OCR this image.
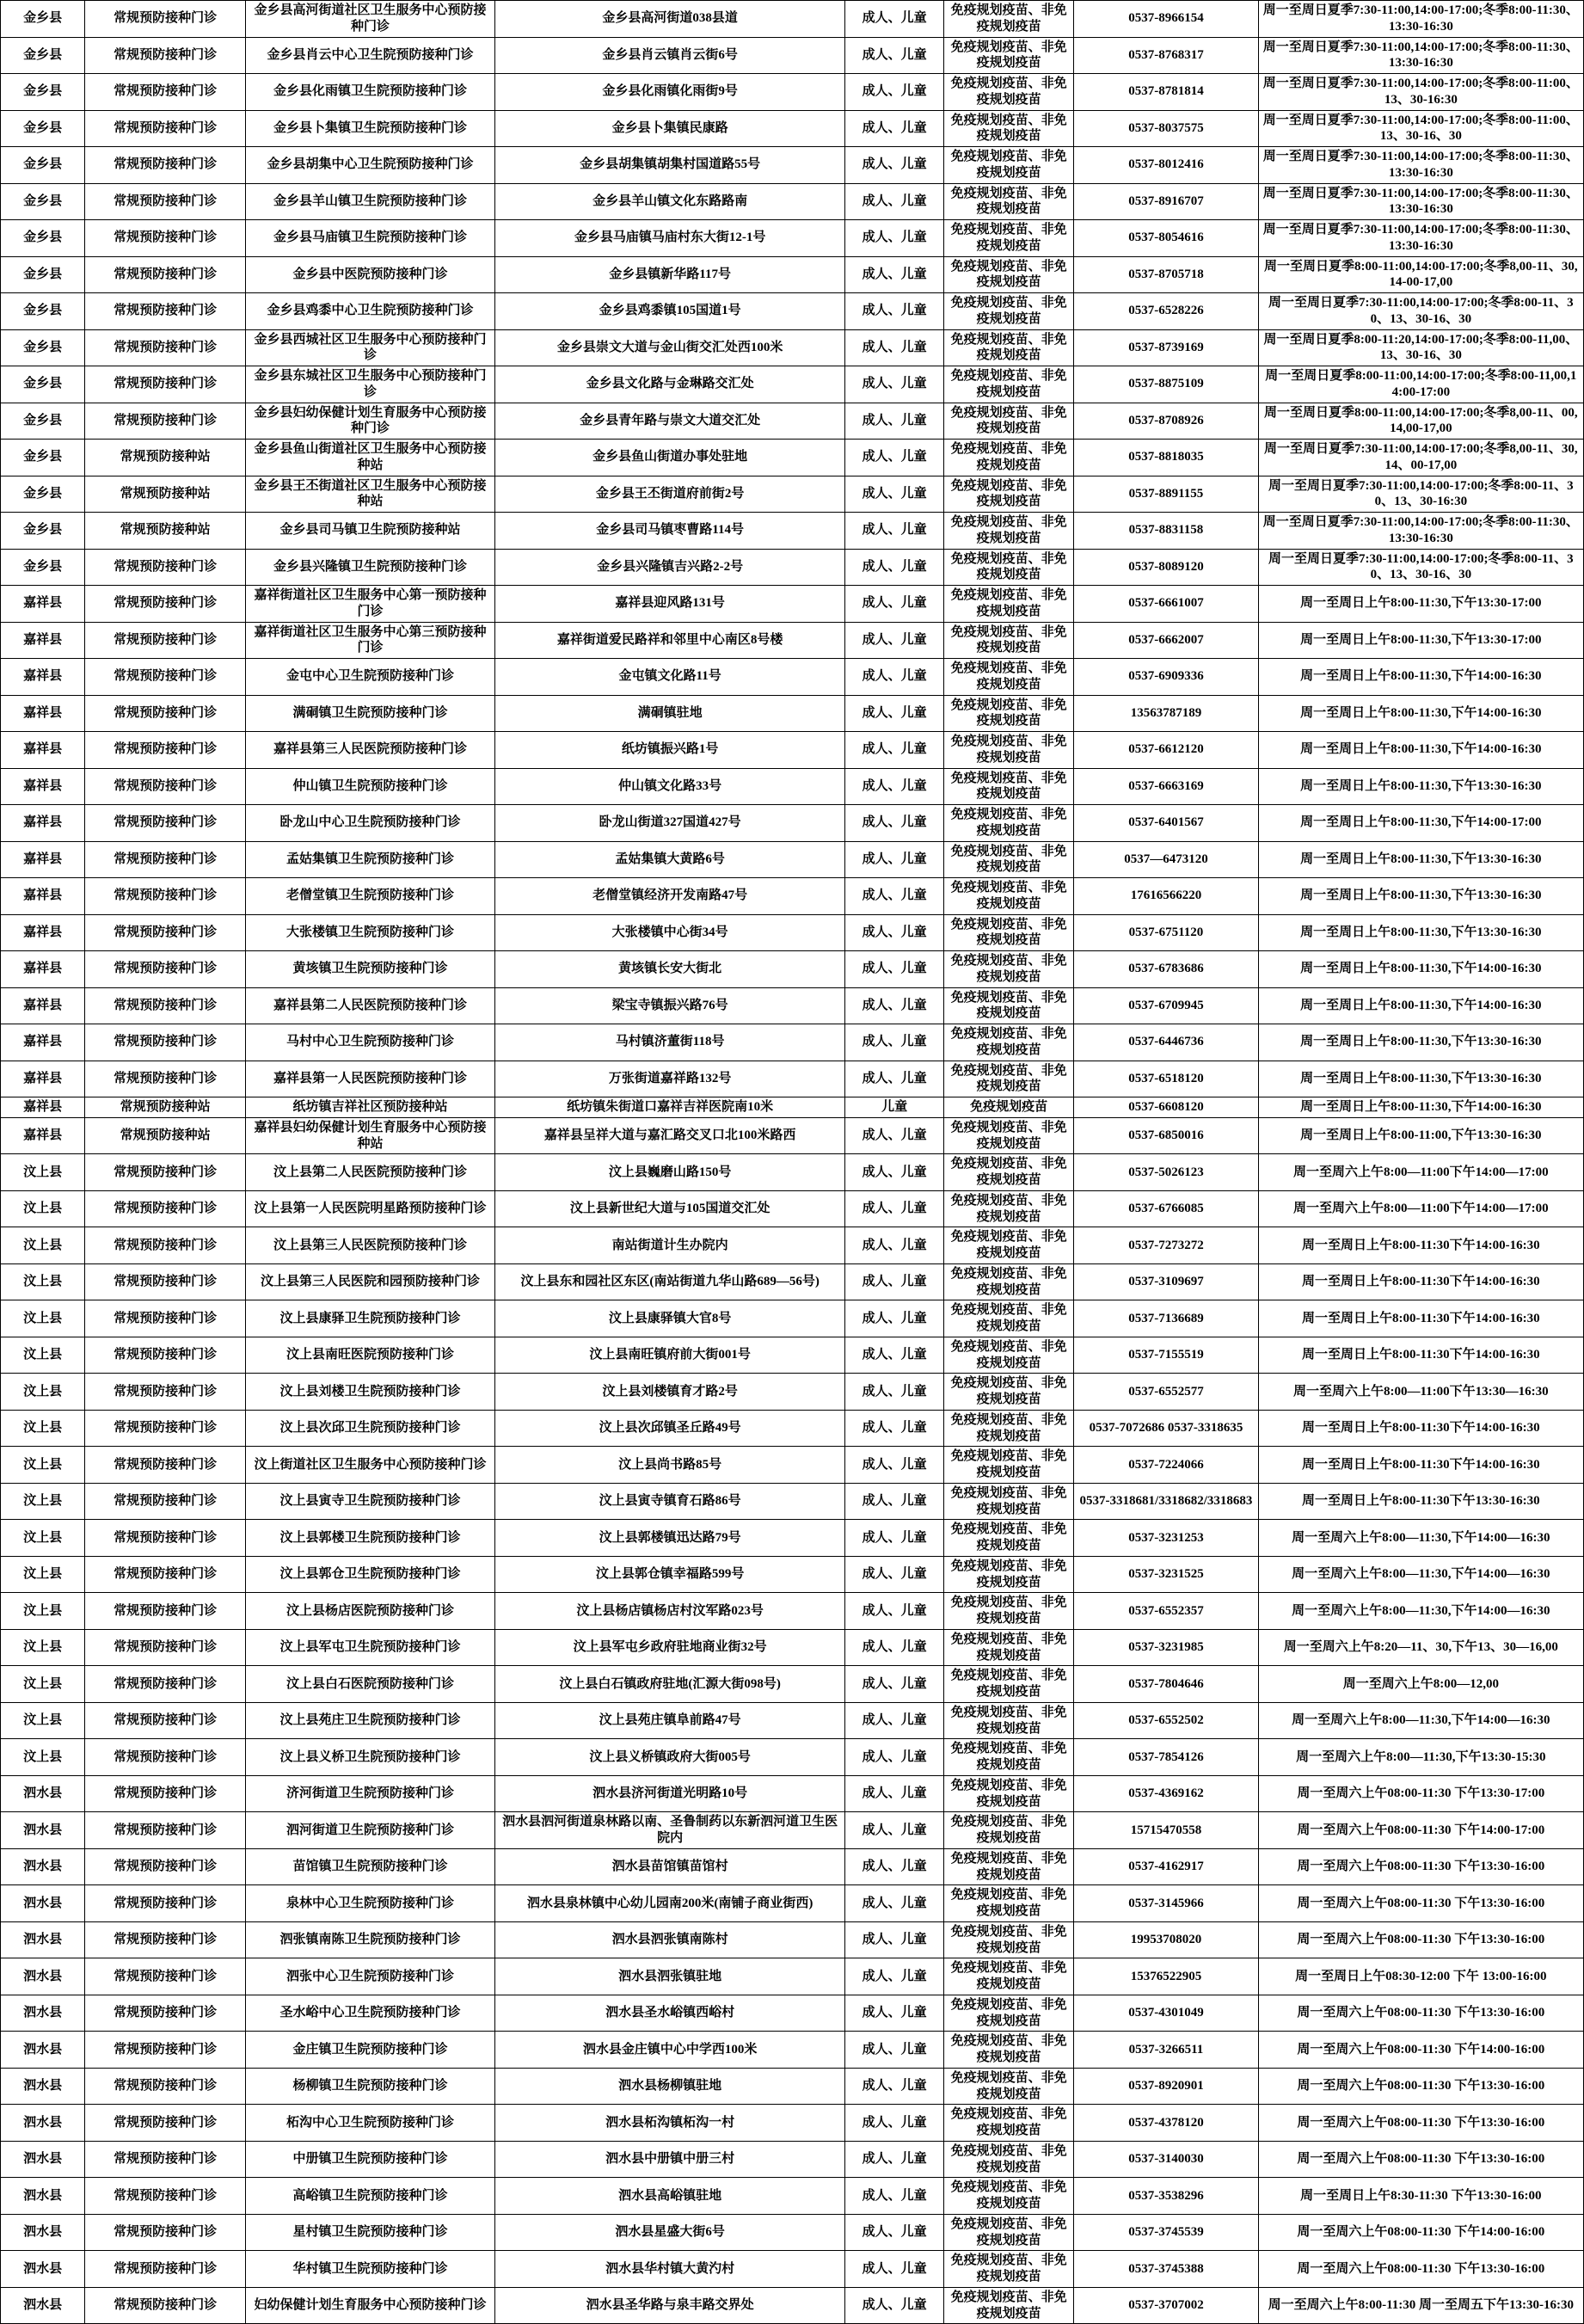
金乡县	常规预防接种门诊	金乡县高河街道社区卫生服务中心预防接种门诊	金乡县高河街道038县道	成人、儿童	免疫规划疫苗、非免疫规划疫苗	0537-8966154	周一至周日夏季7:30-11:00,14:00-17:00;冬季8:00-11:30、13:30-16:30
金乡县	常规预防接种门诊	金乡县肖云中心卫生院预防接种门诊	金乡县肖云镇肖云街6号	成人、儿童	免疫规划疫苗、非免疫规划疫苗	0537-8768317	周一至周日夏季7:30-11:00,14:00-17:00;冬季8:00-11:30、13:30-16:30
金乡县	常规预防接种门诊	金乡县化雨镇卫生院预防接种门诊	金乡县化雨镇化雨街9号	成人、儿童	免疫规划疫苗、非免疫规划疫苗	0537-8781814	周一至周日夏季7:30-11:00,14:00-17:00;冬季8:00-11:00、13、30-16:30
金乡县	常规预防接种门诊	金乡县卜集镇卫生院预防接种门诊	金乡县卜集镇民康路	成人、儿童	免疫规划疫苗、非免疫规划疫苗	0537-8037575	周一至周日夏季7:30-11:00,14:00-17:00;冬季8:00-11:00、13、30-16、30
金乡县	常规预防接种门诊	金乡县胡集中心卫生院预防接种门诊	金乡县胡集镇胡集村国道路55号	成人、儿童	免疫规划疫苗、非免疫规划疫苗	0537-8012416	周一至周日夏季7:30-11:00,14:00-17:00;冬季8:00-11:30、13:30-16:30
金乡县	常规预防接种门诊	金乡县羊山镇卫生院预防接种门诊	金乡县羊山镇文化东路路南	成人、儿童	免疫规划疫苗、非免疫规划疫苗	0537-8916707	周一至周日夏季7:30-11:00,14:00-17:00;冬季8:00-11:30、13:30-16:30
金乡县	常规预防接种门诊	金乡县马庙镇卫生院预防接种门诊	金乡县马庙镇马庙村东大街12-1号	成人、儿童	免疫规划疫苗、非免疫规划疫苗	0537-8054616	周一至周日夏季7:30-11:00,14:00-17:00;冬季8:00-11:30、13:30-16:30
金乡县	常规预防接种门诊	金乡县中医院预防接种门诊	金乡县镇新华路117号	成人、儿童	免疫规划疫苗、非免疫规划疫苗	0537-8705718	周一至周日夏季8:00-11:00,14:00-17:00;冬季8,00-11、30,14-00-17,00
金乡县	常规预防接种门诊	金乡县鸡黍中心卫生院预防接种门诊	金乡县鸡黍镇105国道1号	成人、儿童	免疫规划疫苗、非免疫规划疫苗	0537-6528226	周一至周日夏季7:30-11:00,14:00-17:00;冬季8:00-11、30、13、30-16、30
金乡县	常规预防接种门诊	金乡县西城社区卫生服务中心预防接种门诊	金乡县崇文大道与金山街交汇处西100米	成人、儿童	免疫规划疫苗、非免疫规划疫苗	0537-8739169	周一至周日夏季8:00-11:20,14:00-17:00;冬季8:00-11,00、13、30-16、30
金乡县	常规预防接种门诊	金乡县东城社区卫生服务中心预防接种门诊	金乡县文化路与金琳路交汇处	成人、儿童	免疫规划疫苗、非免疫规划疫苗	0537-8875109	周一至周日夏季8:00-11:00,14:00-17:00;冬季8:00-11,00,14:00-17:00
金乡县	常规预防接种门诊	金乡县妇幼保健计划生育服务中心预防接种门诊	金乡县青年路与崇文大道交汇处	成人、儿童	免疫规划疫苗、非免疫规划疫苗	0537-8708926	周一至周日夏季8:00-11:00,14:00-17:00;冬季8,00-11、00,14,00-17,00
金乡县	常规预防接种站	金乡县鱼山街道社区卫生服务中心预防接种站	金乡县鱼山街道办事处驻地	成人、儿童	免疫规划疫苗、非免疫规划疫苗	0537-8818035	周一至周日夏季7:30-11:00,14:00-17:00;冬季8,00-11、30,14、00-17,00
金乡县	常规预防接种站	金乡县王丕街道社区卫生服务中心预防接种站	金乡县王丕街道府前街2号	成人、儿童	免疫规划疫苗、非免疫规划疫苗	0537-8891155	周一至周日夏季7:30-11:00,14:00-17:00;冬季8:00-11、30、13、30-16:30
金乡县	常规预防接种站	金乡县司马镇卫生院预防接种站	金乡县司马镇枣曹路114号	成人、儿童	免疫规划疫苗、非免疫规划疫苗	0537-8831158	周一至周日夏季7:30-11:00,14:00-17:00;冬季8:00-11:30、13:30-16:30
金乡县	常规预防接种门诊	金乡县兴隆镇卫生院预防接种门诊	金乡县兴隆镇吉兴路2-2号	成人、儿童	免疫规划疫苗、非免疫规划疫苗	0537-8089120	周一至周日夏季7:30-11:00,14:00-17:00;冬季8:00-11、30、13、30-16、30
嘉祥县	常规预防接种门诊	嘉祥街道社区卫生服务中心第一预防接种门诊	嘉祥县迎风路131号	成人、儿童	免疫规划疫苗、非免疫规划疫苗	0537-6661007	周一至周日上午8:00-11:30,下午13:30-17:00
嘉祥县	常规预防接种门诊	嘉祥街道社区卫生服务中心第三预防接种门诊	嘉祥街道爱民路祥和邻里中心南区8号楼	成人、儿童	免疫规划疫苗、非免疫规划疫苗	0537-6662007	周一至周日上午8:00-11:30,下午13:30-17:00
嘉祥县	常规预防接种门诊	金屯中心卫生院预防接种门诊	金屯镇文化路11号	成人、儿童	免疫规划疫苗、非免疫规划疫苗	0537-6909336	周一至周日上午8:00-11:30,下午14:00-16:30
嘉祥县	常规预防接种门诊	满硐镇卫生院预防接种门诊	满硐镇驻地	成人、儿童	免疫规划疫苗、非免疫规划疫苗	13563787189	周一至周日上午8:00-11:30,下午14:00-16:30
嘉祥县	常规预防接种门诊	嘉祥县第三人民医院预防接种门诊	纸坊镇振兴路1号	成人、儿童	免疫规划疫苗、非免疫规划疫苗	0537-6612120	周一至周日上午8:00-11:30,下午14:00-16:30
嘉祥县	常规预防接种门诊	仲山镇卫生院预防接种门诊	仲山镇文化路33号	成人、儿童	免疫规划疫苗、非免疫规划疫苗	0537-6663169	周一至周日上午8:00-11:30,下午13:30-16:30
嘉祥县	常规预防接种门诊	卧龙山中心卫生院预防接种门诊	卧龙山街道327国道427号	成人、儿童	免疫规划疫苗、非免疫规划疫苗	0537-6401567	周一至周日上午8:00-11:30,下午14:00-17:00
嘉祥县	常规预防接种门诊	孟姑集镇卫生院预防接种门诊	孟姑集镇大黄路6号	成人、儿童	免疫规划疫苗、非免疫规划疫苗	0537—6473120	周一至周日上午8:00-11:30,下午13:30-16:30
嘉祥县	常规预防接种门诊	老僧堂镇卫生院预防接种门诊	老僧堂镇经济开发南路47号	成人、儿童	免疫规划疫苗、非免疫规划疫苗	17616566220	周一至周日上午8:00-11:30,下午13:30-16:30
嘉祥县	常规预防接种门诊	大张楼镇卫生院预防接种门诊	大张楼镇中心街34号	成人、儿童	免疫规划疫苗、非免疫规划疫苗	0537-6751120	周一至周日上午8:00-11:30,下午13:30-16:30
嘉祥县	常规预防接种门诊	黄垓镇卫生院预防接种门诊	黄垓镇长安大街北	成人、儿童	免疫规划疫苗、非免疫规划疫苗	0537-6783686	周一至周日上午8:00-11:30,下午14:00-16:30
嘉祥县	常规预防接种门诊	嘉祥县第二人民医院预防接种门诊	梁宝寺镇振兴路76号	成人、儿童	免疫规划疫苗、非免疫规划疫苗	0537-6709945	周一至周日上午8:00-11:30,下午14:00-16:30
嘉祥县	常规预防接种门诊	马村中心卫生院预防接种门诊	马村镇济董街118号	成人、儿童	免疫规划疫苗、非免疫规划疫苗	0537-6446736	周一至周日上午8:00-11:30,下午13:30-16:30
嘉祥县	常规预防接种门诊	嘉祥县第一人民医院预防接种门诊	万张街道嘉祥路132号	成人、儿童	免疫规划疫苗、非免疫规划疫苗	0537-6518120	周一至周日上午8:00-11:30,下午13:30-16:30
嘉祥县	常规预防接种站	纸坊镇吉祥社区预防接种站	纸坊镇朱街道口嘉祥吉祥医院南10米	儿童	免疫规划疫苗	0537-6608120	周一至周日上午8:00-11:30,下午14:00-16:30
嘉祥县	常规预防接种站	嘉祥县妇幼保健计划生育服务中心预防接种站	嘉祥县呈祥大道与嘉汇路交叉口北100米路西	成人、儿童	免疫规划疫苗、非免疫规划疫苗	0537-6850016	周一至周日上午8:00-11:00,下午13:30-16:30
汶上县	常规预防接种门诊	汶上县第二人民医院预防接种门诊	汶上县巍磨山路150号	成人、儿童	免疫规划疫苗、非免疫规划疫苗	0537-5026123	周一至周六上午8:00—11:00下午14:00—17:00
汶上县	常规预防接种门诊	汶上县第一人民医院明星路预防接种门诊	汶上县新世纪大道与105国道交汇处	成人、儿童	免疫规划疫苗、非免疫规划疫苗	0537-6766085	周一至周六上午8:00—11:00下午14:00—17:00
汶上县	常规预防接种门诊	汶上县第三人民医院预防接种门诊	南站街道计生办院内	成人、儿童	免疫规划疫苗、非免疫规划疫苗	0537-7273272	周一至周日上午8:00-11:30下午14:00-16:30
汶上县	常规预防接种门诊	汶上县第三人民医院和园预防接种门诊	汶上县东和园社区东区(南站街道九华山路689—56号)	成人、儿童	免疫规划疫苗、非免疫规划疫苗	0537-3109697	周一至周日上午8:00-11:30下午14:00-16:30
汶上县	常规预防接种门诊	汶上县康驿卫生院预防接种门诊	汶上县康驿镇大官8号	成人、儿童	免疫规划疫苗、非免疫规划疫苗	0537-7136689	周一至周日上午8:00-11:30下午14:00-16:30
汶上县	常规预防接种门诊	汶上县南旺医院预防接种门诊	汶上县南旺镇府前大街001号	成人、儿童	免疫规划疫苗、非免疫规划疫苗	0537-7155519	周一至周日上午8:00-11:30下午14:00-16:30
汶上县	常规预防接种门诊	汶上县刘楼卫生院预防接种门诊	汶上县刘楼镇育才路2号	成人、儿童	免疫规划疫苗、非免疫规划疫苗	0537-6552577	周一至周六上午8:00—11:00下午13:30—16:30
汶上县	常规预防接种门诊	汶上县次邱卫生院预防接种门诊	汶上县次邱镇圣丘路49号	成人、儿童	免疫规划疫苗、非免疫规划疫苗	0537-7072686 0537-3318635	周一至周日上午8:00-11:30下午14:00-16:30
汶上县	常规预防接种门诊	汶上街道社区卫生服务中心预防接种门诊	汶上县尚书路85号	成人、儿童	免疫规划疫苗、非免疫规划疫苗	0537-7224066	周一至周日上午8:00-11:30下午14:00-16:30
汶上县	常规预防接种门诊	汶上县寅寺卫生院预防接种门诊	汶上县寅寺镇育石路86号	成人、儿童	免疫规划疫苗、非免疫规划疫苗	0537-3318681/3318682/3318683	周一至周日上午8:00-11:30下午13:30-16:30
汶上县	常规预防接种门诊	汶上县郭楼卫生院预防接种门诊	汶上县郭楼镇迅达路79号	成人、儿童	免疫规划疫苗、非免疫规划疫苗	0537-3231253	周一至周六上午8:00—11:30,下午14:00—16:30
汶上县	常规预防接种门诊	汶上县郭仓卫生院预防接种门诊	汶上县郭仓镇幸福路599号	成人、儿童	免疫规划疫苗、非免疫规划疫苗	0537-3231525	周一至周六上午8:00—11:30,下午14:00—16:30
汶上县	常规预防接种门诊	汶上县杨店医院预防接种门诊	汶上县杨店镇杨店村汶军路023号	成人、儿童	免疫规划疫苗、非免疫规划疫苗	0537-6552357	周一至周六上午8:00—11:30,下午14:00—16:30
汶上县	常规预防接种门诊	汶上县军屯卫生院预防接种门诊	汶上县军屯乡政府驻地商业街32号	成人、儿童	免疫规划疫苗、非免疫规划疫苗	0537-3231985	周一至周六上午8:20—11、30,下午13、30—16,00
汶上县	常规预防接种门诊	汶上县白石医院预防接种门诊	汶上县白石镇政府驻地(汇源大街098号)	成人、儿童	免疫规划疫苗、非免疫规划疫苗	0537-7804646	周一至周六上午8:00—12,00
汶上县	常规预防接种门诊	汶上县苑庄卫生院预防接种门诊	汶上县苑庄镇阜前路47号	成人、儿童	免疫规划疫苗、非免疫规划疫苗	0537-6552502	周一至周六上午8:00—11:30,下午14:00—16:30
汶上县	常规预防接种门诊	汶上县义桥卫生院预防接种门诊	汶上县义桥镇政府大街005号	成人、儿童	免疫规划疫苗、非免疫规划疫苗	0537-7854126	周一至周六上午8:00—11:30,下午13:30-15:30
泗水县	常规预防接种门诊	济河街道卫生院预防接种门诊	泗水县济河街道光明路10号	成人、儿童	免疫规划疫苗、非免疫规划疫苗	0537-4369162	周一至周六上午08:00-11:30 下午13:30-17:00
泗水县	常规预防接种门诊	泗河街道卫生院预防接种门诊	泗水县泗河街道泉林路以南、圣鲁制药以东新泗河道卫生医院内	成人、儿童	免疫规划疫苗、非免疫规划疫苗	15715470558	周一至周六上午08:00-11:30 下午14:00-17:00
泗水县	常规预防接种门诊	苗馆镇卫生院预防接种门诊	泗水县苗馆镇苗馆村	成人、儿童	免疫规划疫苗、非免疫规划疫苗	0537-4162917	周一至周六上午08:00-11:30 下午13:30-16:00
泗水县	常规预防接种门诊	泉林中心卫生院预防接种门诊	泗水县泉林镇中心幼儿园南200米(南铺子商业街西)	成人、儿童	免疫规划疫苗、非免疫规划疫苗	0537-3145966	周一至周六上午08:00-11:30 下午13:30-16:00
泗水县	常规预防接种门诊	泗张镇南陈卫生院预防接种门诊	泗水县泗张镇南陈村	成人、儿童	免疫规划疫苗、非免疫规划疫苗	19953708020	周一至周六上午08:00-11:30 下午13:30-16:00
泗水县	常规预防接种门诊	泗张中心卫生院预防接种门诊	泗水县泗张镇驻地	成人、儿童	免疫规划疫苗、非免疫规划疫苗	15376522905	周一至周日上午08:30-12:00 下午 13:00-16:00
泗水县	常规预防接种门诊	圣水峪中心卫生院预防接种门诊	泗水县圣水峪镇西峪村	成人、儿童	免疫规划疫苗、非免疫规划疫苗	0537-4301049	周一至周六上午08:00-11:30 下午13:30-16:00
泗水县	常规预防接种门诊	金庄镇卫生院预防接种门诊	泗水县金庄镇中心中学西100米	成人、儿童	免疫规划疫苗、非免疫规划疫苗	0537-3266511	周一至周六上午08:00-11:30 下午14:00-16:00
泗水县	常规预防接种门诊	杨柳镇卫生院预防接种门诊	泗水县杨柳镇驻地	成人、儿童	免疫规划疫苗、非免疫规划疫苗	0537-8920901	周一至周六上午08:00-11:30 下午13:30-16:00
泗水县	常规预防接种门诊	柘沟中心卫生院预防接种门诊	泗水县柘沟镇柘沟一村	成人、儿童	免疫规划疫苗、非免疫规划疫苗	0537-4378120	周一至周六上午08:00-11:30 下午13:30-16:00
泗水县	常规预防接种门诊	中册镇卫生院预防接种门诊	泗水县中册镇中册三村	成人、儿童	免疫规划疫苗、非免疫规划疫苗	0537-3140030	周一至周六上午08:00-11:30 下午13:30-16:00
泗水县	常规预防接种门诊	高峪镇卫生院预防接种门诊	泗水县高峪镇驻地	成人、儿童	免疫规划疫苗、非免疫规划疫苗	0537-3538296	周一至周日上午8:30-11:30 下午13:30-16:00
泗水县	常规预防接种门诊	星村镇卫生院预防接种门诊	泗水县星盛大街6号	成人、儿童	免疫规划疫苗、非免疫规划疫苗	0537-3745539	周一至周六上午08:00-11:30 下午14:00-16:00
泗水县	常规预防接种门诊	华村镇卫生院预防接种门诊	泗水县华村镇大黄汋村	成人、儿童	免疫规划疫苗、非免疫规划疫苗	0537-3745388	周一至周六上午08:00-11:30 下午13:30-16:00
泗水县	常规预防接种门诊	妇幼保健计划生育服务中心预防接种门诊	泗水县圣华路与泉丰路交界处	成人、儿童	免疫规划疫苗、非免疫规划疫苗	0537-3707002	周一至周六上午8:00-11:30 周一至周五下午13:30-16:30
